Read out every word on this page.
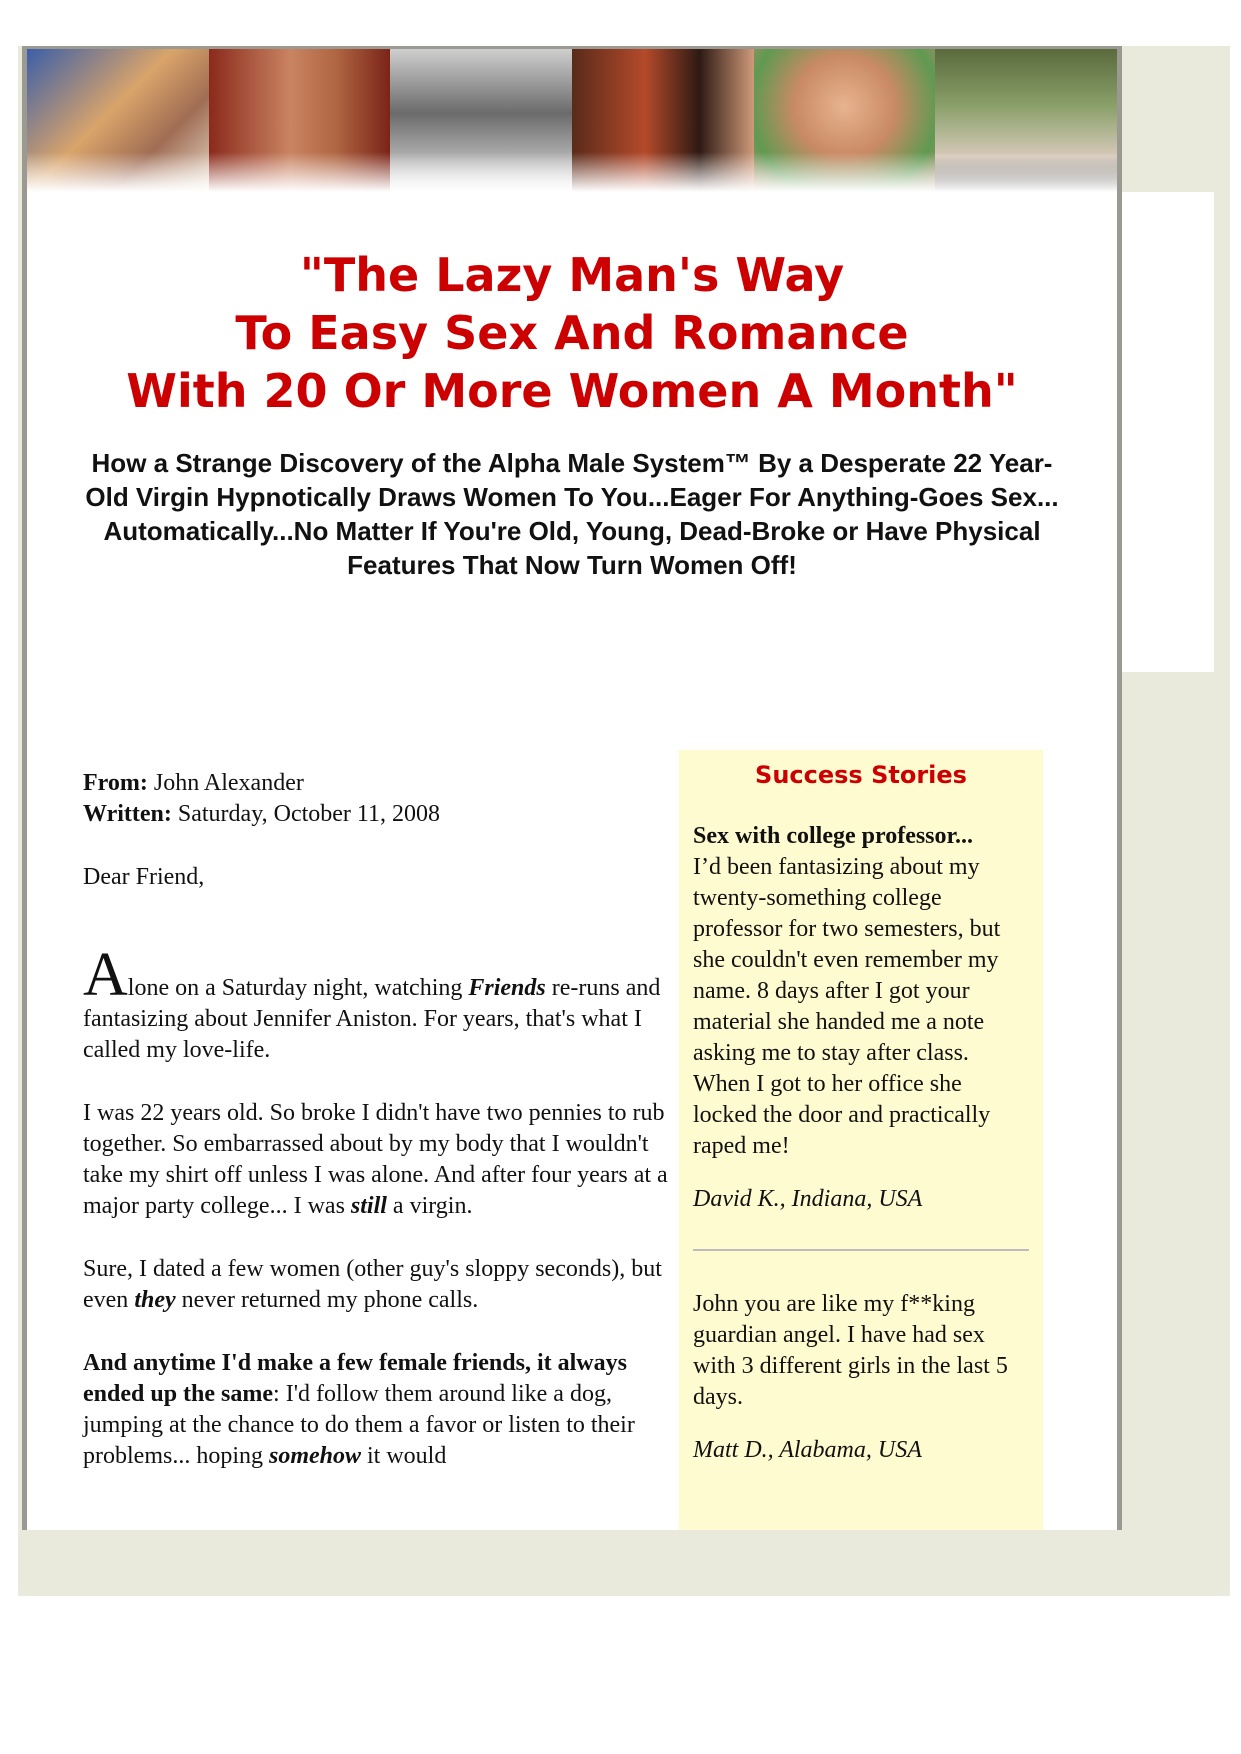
"The Lazy Man's Way
To Easy Sex And Romance
With 20 Or More Women A Month"
How a Strange Discovery of the Alpha Male System™ By a Desperate 22 Year-
Old Virgin Hypnotically Draws Women To You...Eager For Anything-Goes Sex...
Automatically...No Matter If You're Old, Young, Dead-Broke or Have Physical
Features That Now Turn Women Off!

From: John Alexander

Written: Saturday, October 11, 2008

Dear Friend,

Alone on a Saturday night, watching Friends re-runs and fantasizing about Jennifer Aniston. For years, that's what I called my love-life.

I was 22 years old. So broke I didn't have two pennies to rub together. So embarrassed about by my body that I wouldn't take my shirt off unless I was alone. And after four years at a major party college... I was still a virgin.

Sure, I dated a few women (other guy's sloppy seconds), but even they never returned my phone calls.

And anytime I'd make a few female friends, it always ended up the same: I'd follow them around like a dog, jumping at the chance to do them a favor or listen to their problems... hoping somehow it would

Success Stories

Sex with college professor...

I’d been fantasizing about my twenty-something college professor for two semesters, but she couldn't even remember my name. 8 days after I got your material she handed me a note asking me to stay after class. When I got to her office she locked the door and practically raped me!

David K., Indiana, USA

John you are like my f**king guardian angel. I have had sex with 3 different girls in the last 5 days.

Matt D., Alabama, USA
